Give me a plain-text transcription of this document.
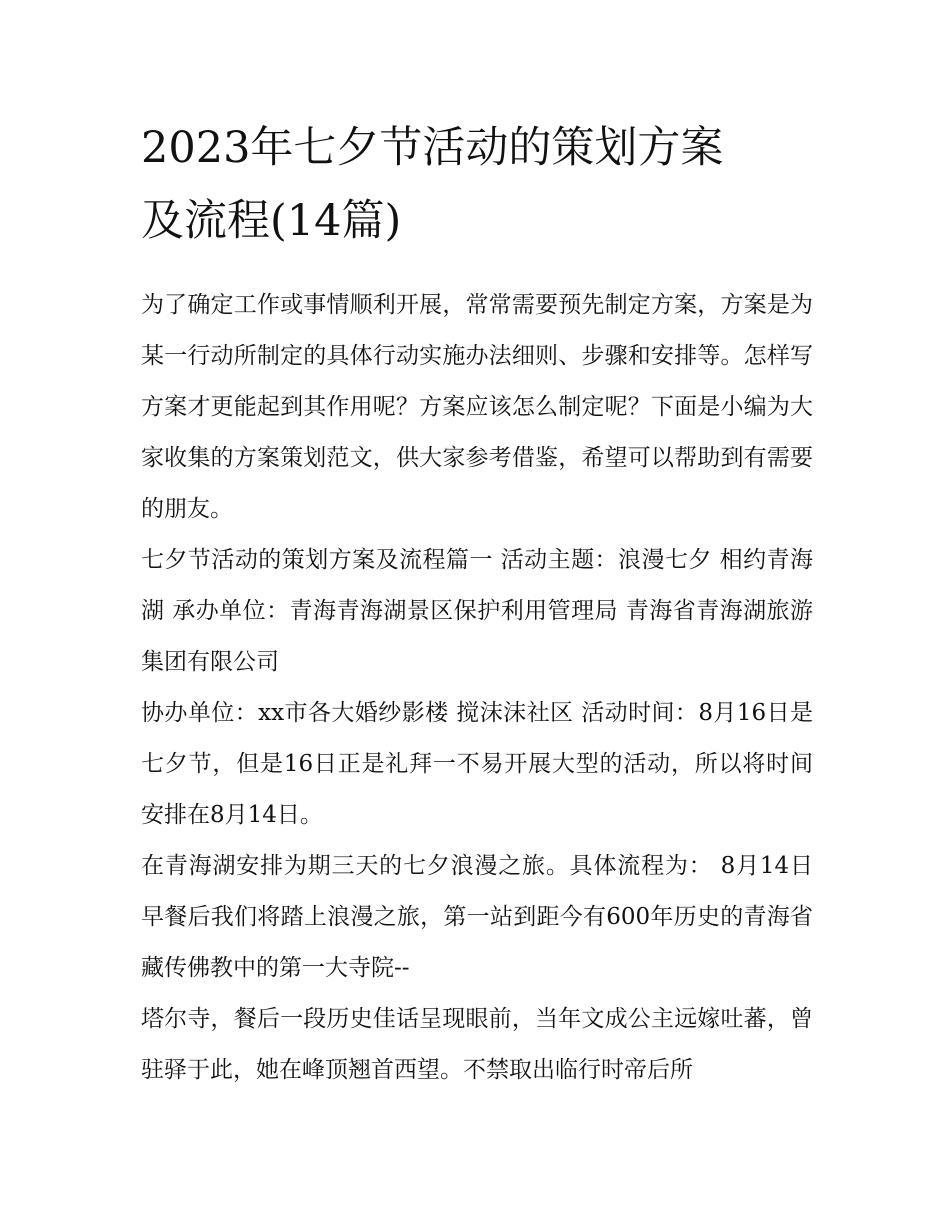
2023年七夕节活动的策划方案
及流程(14篇)

为了确定工作或事情顺利开展，常常需要预先制定方案，方案是为某一行动所制定的具体行动实施办法细则、步骤和安排等。怎样写方案才更能起到其作用呢？方案应该怎么制定呢？下面是小编为大家收集的方案策划范文，供大家参考借鉴，希望可以帮助到有需要的朋友。

七夕节活动的策划方案及流程篇一 活动主题：浪漫七夕 相约青海湖 承办单位：青海青海湖景区保护利用管理局 青海省青海湖旅游集团有限公司

协办单位：xx市各大婚纱影楼 搅沫沫社区 活动时间：8月16日是七夕节，但是16日正是礼拜一不易开展大型的活动，所以将时间安排在8月14日。

在青海湖安排为期三天的七夕浪漫之旅。具体流程为： 8月14日早餐后我们将踏上浪漫之旅，第一站到距今有600年历史的青海省藏传佛教中的第一大寺院--

塔尔寺，餐后一段历史佳话呈现眼前，当年文成公主远嫁吐蕃，曾驻驿于此，她在峰顶翘首西望。不禁取出临行时帝后所
